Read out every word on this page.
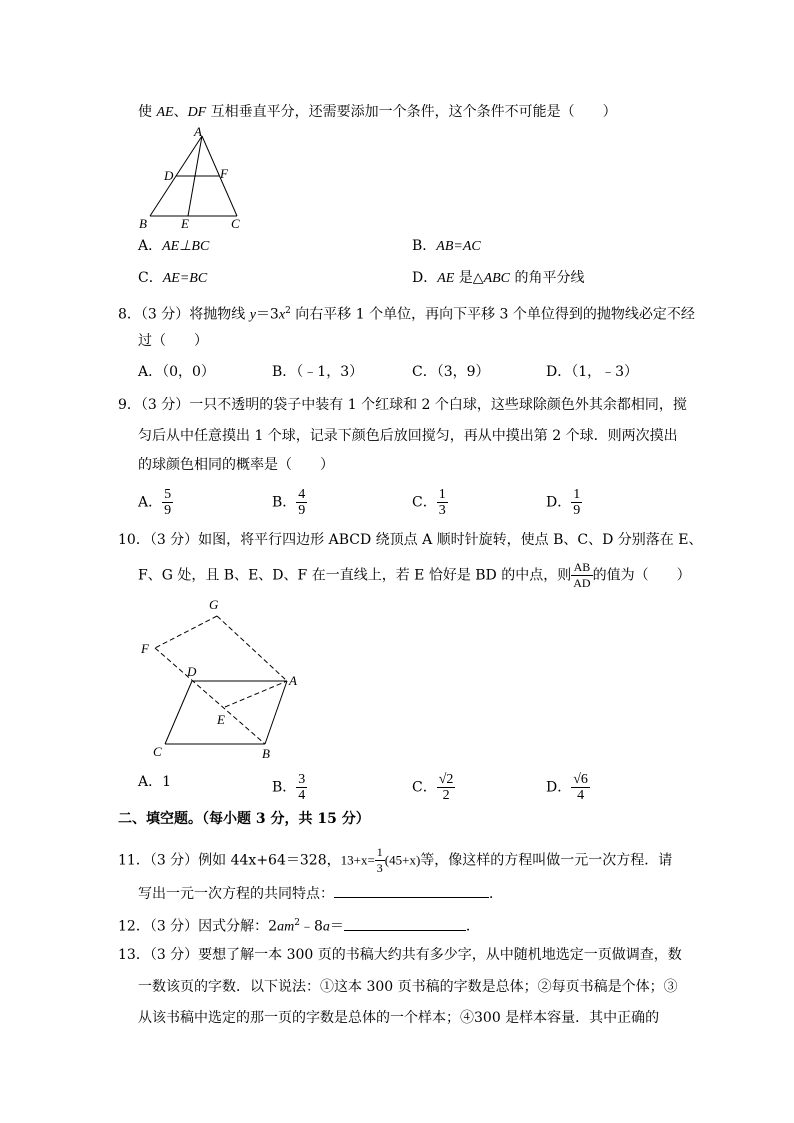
使 AE、DF 互相垂直平分，还需要添加一个条件，这个条件不可能是（　　）
A
D	F
B	E	C
A．AE⊥BC	B．AB=AC
C．AE=BC	D．AE 是△ABC 的角平分线
8．（3 分）将抛物线 $y=3x^2$ 向右平移 1 个单位，再向下平移 3 个单位得到的抛物线必定不经
过（　　）
A．（0，0）	B．（﹣1，3）	C．（3，9）	D．（1，﹣3）
9．（3 分）一只不透明的袋子中装有 1 个红球和 2 个白球，这些球除颜色外其余都相同，搅
匀后从中任意摸出 1 个球，记录下颜色后放回搅匀，再从中摸出第 2 个球．则两次摸出
的球颜色相同的概率是（　　）
A． $\frac{5}{9}$	B． $\frac{4}{9}$	C． $\frac{1}{3}$	D． $\frac{1}{9}$
10．（3 分）如图，将平行四边形 ABCD 绕顶点 A 顺时针旋转，使点 B、C、D 分别落在 E、
F、G 处，且 B、E、D、F 在一直线上，若 E 恰好是 BD 的中点，则 $\frac{AB}{AD}$ 的值为（　　）
G
F
D
A
E
C	B
A．1	B． $\frac{3}{4}$	C． $\frac{√2}{2}$	D． $\frac{√6}{4}$
二、填空题。（每小题 3 分，共 15 分）
11．（3 分）例如 44x+64＝328，$13+x= \frac{1}{3} (45+x)$等，像这样的方程叫做一元一次方程．请
写出一元一次方程的共同特点：	．
12．（3 分）因式分解：$2am^2﹣8a=$	．
13．（3 分）要想了解一本 300 页的书稿大约共有多少字，从中随机地选定一页做调查，数
一数该页的字数．以下说法：①这本 300 页书稿的字数是总体；②每页书稿是个体；③
从该书稿中选定的那一页的字数是总体的一个样本；④300 是样本容量．其中正确的
